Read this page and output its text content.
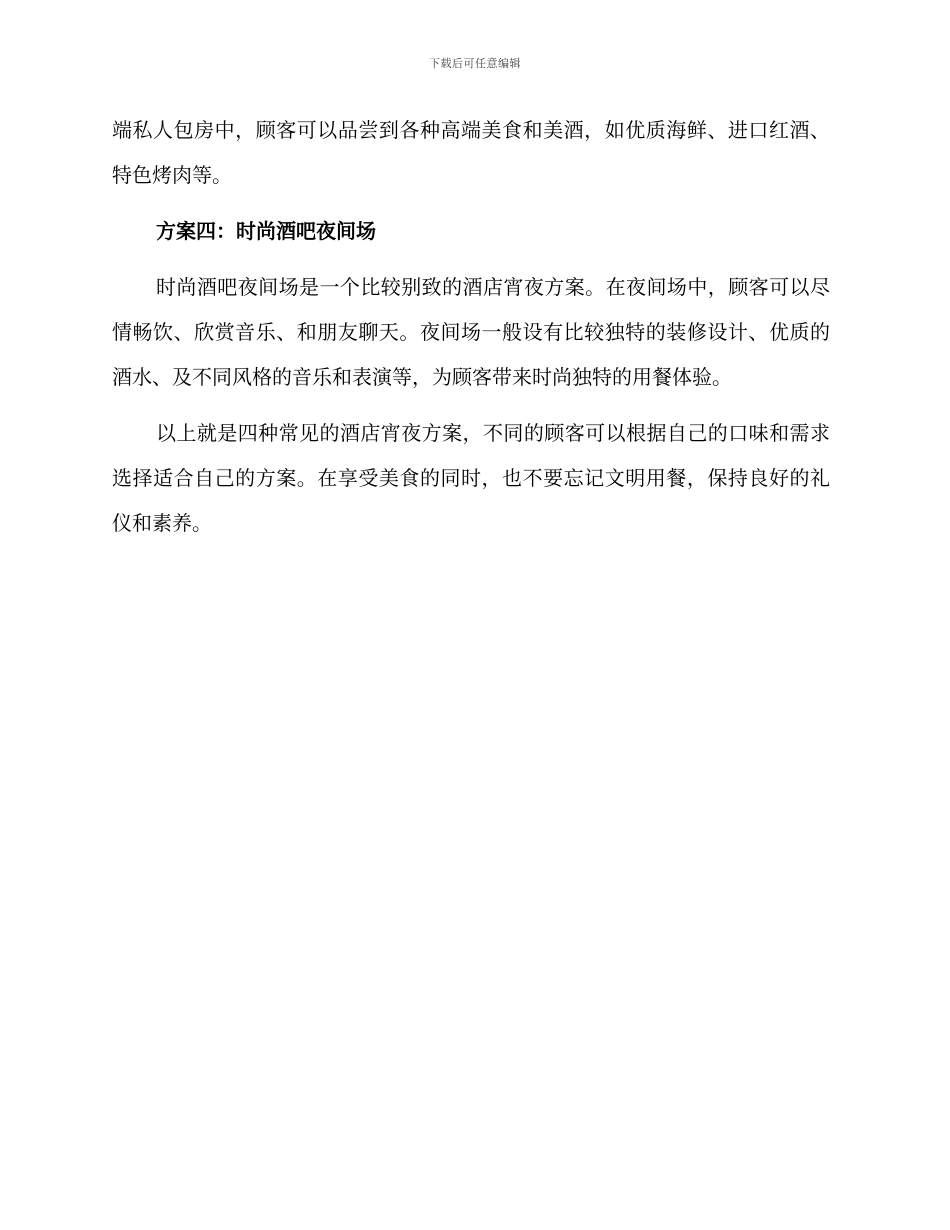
下载后可任意编辑

端私人包房中，顾客可以品尝到各种高端美食和美酒，如优质海鲜、进口红酒、特色烤肉等。

方案四：时尚酒吧夜间场

时尚酒吧夜间场是一个比较别致的酒店宵夜方案。在夜间场中，顾客可以尽情畅饮、欣赏音乐、和朋友聊天。夜间场一般设有比较独特的装修设计、优质的酒水、及不同风格的音乐和表演等，为顾客带来时尚独特的用餐体验。

以上就是四种常见的酒店宵夜方案，不同的顾客可以根据自己的口味和需求选择适合自己的方案。在享受美食的同时，也不要忘记文明用餐，保持良好的礼仪和素养。
